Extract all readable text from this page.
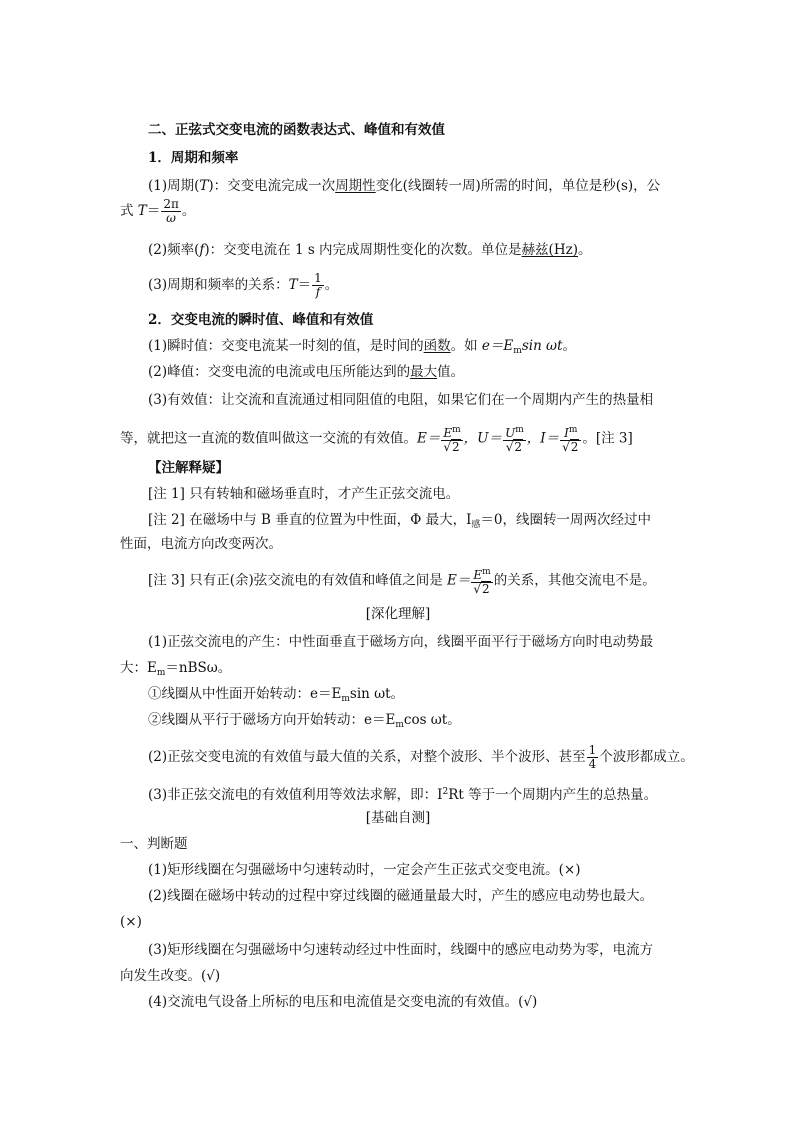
二、正弦式交变电流的函数表达式、峰值和有效值
1．周期和频率
(1)周期(T)：交变电流完成一次周期性变化(线圈转一周)所需的时间，单位是秒(s)，公
式 $T= \frac{2\pi}{\omega}$ 。
(2)频率(f)：交变电流在 1 s 内完成周期性变化的次数。单位是赫兹(Hz)。
(3)周期和频率的关系：$T= \frac{1}{f}$ 。
2．交变电流的瞬时值、峰值和有效值
(1)瞬时值：交变电流某一时刻的值，是时间的函数。如 $e=E_m\sin$ ωt。
(2)峰值：交变电流的电流或电压所能达到的最大值。
(3)有效值：让交流和直流通过相同阻值的电阻，如果它们在一个周期内产生的热量相
等，就把这一直流的数值叫做这一交流的有效值。$E= \frac{E^m}{√2}$ ，$U= \frac{U^m}{√2}$ ，$I= \frac{I^m}{√2}$ 。[注 3]
【注解释疑】
[注 1] 只有转轴和磁场垂直时，才产生正弦交流电。
[注 2] 在磁场中与 B 垂直的位置为中性面，Φ 最大，$I_感=0$，线圈转一周两次经过中
性面，电流方向改变两次。
[注 3] 只有正(余)弦交流电的有效值和峰值之间是 $E= \frac{E^m}{√2}$ 的关系，其他交流电不是。
[深化理解]
(1)正弦交流电的产生：中性面垂直于磁场方向，线圈平面平行于磁场方向时电动势最
大：$E_m=nBS\omega$。
①线圈从中性面开始转动：$e=E_m\sin$ ωt。
②线圈从平行于磁场方向开始转动：$e=E_m\cos$ ωt。
(2)正弦交变电流的有效值与最大值的关系，对整个波形、半个波形、甚至 $\frac{1}{4}$ 个波形都成立。
(3)非正弦交流电的有效值利用等效法求解，即：$I^2Rt$ 等于一个周期内产生的总热量。
[基础自测]
一、判断题
(1)矩形线圈在匀强磁场中匀速转动时，一定会产生正弦式交变电流。(×)
(2)线圈在磁场中转动的过程中穿过线圈的磁通量最大时，产生的感应电动势也最大。
(×)
(3)矩形线圈在匀强磁场中匀速转动经过中性面时，线圈中的感应电动势为零，电流方
向发生改变。(√)
(4)交流电气设备上所标的电压和电流值是交变电流的有效值。(√)
